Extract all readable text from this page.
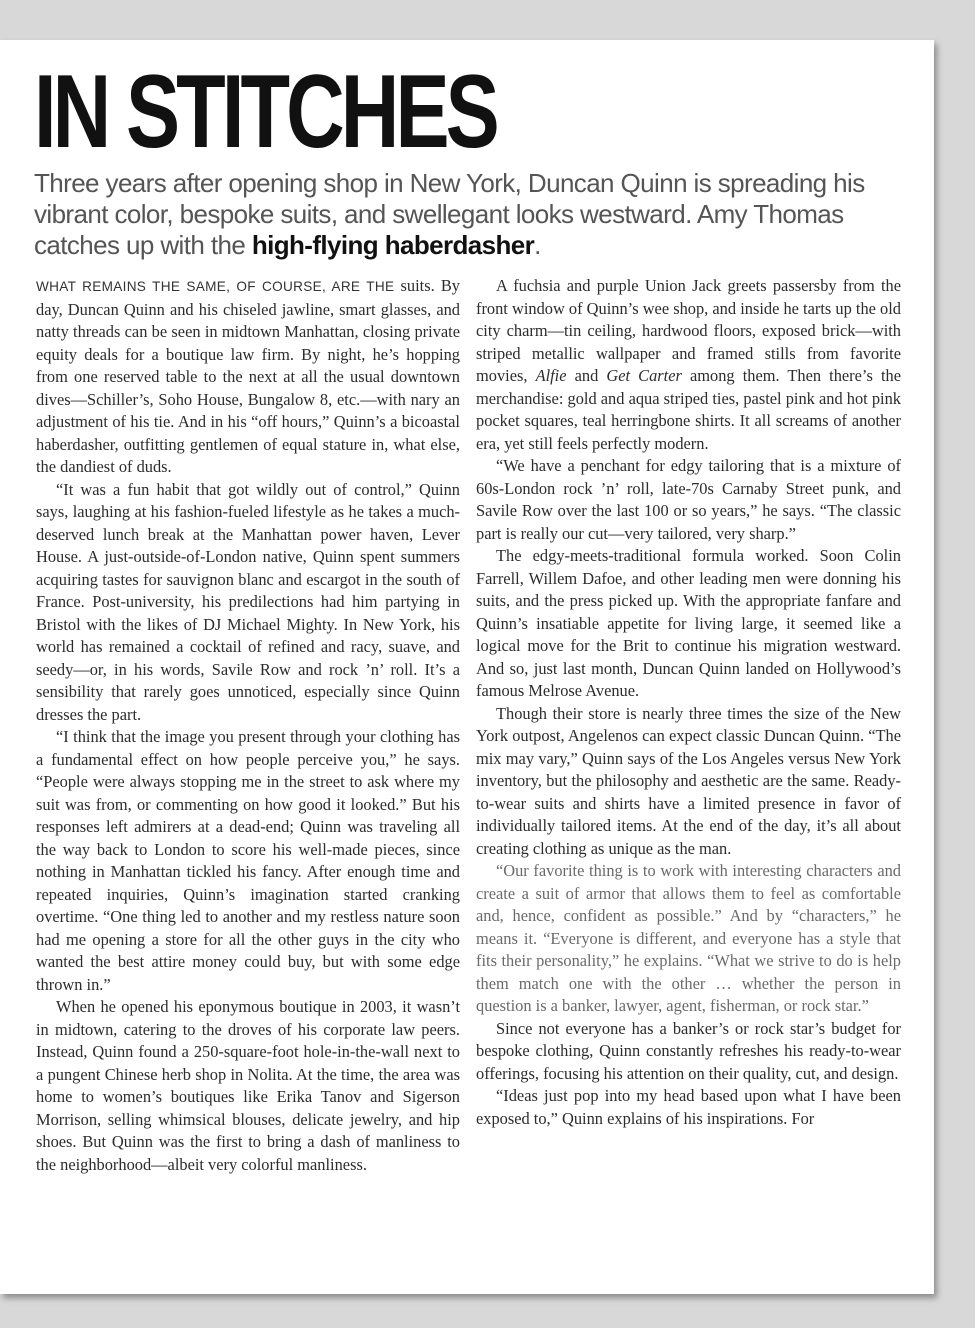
IN STITCHES

Three years after opening shop in New York, Duncan Quinn is spreading his vibrant color, bespoke suits, and swellegant looks westward. Amy Thomas catches up with the high-flying haberdasher.

WHAT REMAINS THE SAME, OF COURSE, ARE THE suits. By day, Duncan Quinn and his chiseled jawline, smart glasses, and natty threads can be seen in midtown Manhattan, closing private equity deals for a boutique law firm. By night, he’s hopping from one reserved table to the next at all the usual downtown dives—Schiller’s, Soho House, Bungalow 8, etc.—with nary an adjustment of his tie. And in his “off hours,” Quinn’s a bicoastal haberdasher, outfitting gentlemen of equal stature in, what else, the dandiest of duds.

“It was a fun habit that got wildly out of control,” Quinn says, laughing at his fashion-fueled lifestyle as he takes a much-deserved lunch break at the Manhattan power haven, Lever House. A just-outside-of-London native, Quinn spent summers acquiring tastes for sauvignon blanc and escargot in the south of France. Post-university, his predilections had him partying in Bristol with the likes of DJ Michael Mighty. In New York, his world has remained a cocktail of refined and racy, suave, and seedy—or, in his words, Savile Row and rock ’n’ roll. It’s a sensibility that rarely goes unnoticed, especially since Quinn dresses the part.

“I think that the image you present through your clothing has a fundamental effect on how people perceive you,” he says. “People were always stopping me in the street to ask where my suit was from, or commenting on how good it looked.” But his responses left admirers at a dead-end; Quinn was traveling all the way back to London to score his well-made pieces, since nothing in Manhattan tickled his fancy. After enough time and repeated inquiries, Quinn’s imagination started cranking overtime. “One thing led to another and my restless nature soon had me opening a store for all the other guys in the city who wanted the best attire money could buy, but with some edge thrown in.”

When he opened his eponymous boutique in 2003, it wasn’t in midtown, catering to the droves of his corporate law peers. Instead, Quinn found a 250-square-foot hole-in-the-wall next to a pungent Chinese herb shop in Nolita. At the time, the area was home to women’s boutiques like Erika Tanov and Sigerson Morrison, selling whimsical blouses, delicate jewelry, and hip shoes. But Quinn was the first to bring a dash of manliness to the neighborhood—albeit very colorful manliness.

A fuchsia and purple Union Jack greets passersby from the front window of Quinn’s wee shop, and inside he tarts up the old city charm—tin ceiling, hardwood floors, exposed brick—with striped metallic wallpaper and framed stills from favorite movies, Alfie and Get Carter among them. Then there’s the merchandise: gold and aqua striped ties, pastel pink and hot pink pocket squares, teal herringbone shirts. It all screams of another era, yet still feels perfectly modern.

“We have a penchant for edgy tailoring that is a mixture of 60s-London rock ’n’ roll, late-70s Carnaby Street punk, and Savile Row over the last 100 or so years,” he says. “The classic part is really our cut—very tailored, very sharp.”

The edgy-meets-traditional formula worked. Soon Colin Farrell, Willem Dafoe, and other leading men were donning his suits, and the press picked up. With the appropriate fanfare and Quinn’s insatiable appetite for living large, it seemed like a logical move for the Brit to continue his migration westward. And so, just last month, Duncan Quinn landed on Hollywood’s famous Melrose Avenue.

Though their store is nearly three times the size of the New York outpost, Angelenos can expect classic Duncan Quinn. “The mix may vary,” Quinn says of the Los Angeles versus New York inventory, but the philosophy and aesthetic are the same. Ready-to-wear suits and shirts have a limited presence in favor of individually tailored items. At the end of the day, it’s all about creating clothing as unique as the man.

“Our favorite thing is to work with interesting characters and create a suit of armor that allows them to feel as comfortable and, hence, confident as possible.” And by “characters,” he means it. “Everyone is different, and everyone has a style that fits their personality,” he explains. “What we strive to do is help them match one with the other … whether the person in question is a banker, lawyer, agent, fisherman, or rock star.”

Since not everyone has a banker’s or rock star’s budget for bespoke clothing, Quinn constantly refreshes his ready-to-wear offerings, focusing his attention on their quality, cut, and design.

“Ideas just pop into my head based upon what I have been exposed to,” Quinn explains of his inspirations. For
